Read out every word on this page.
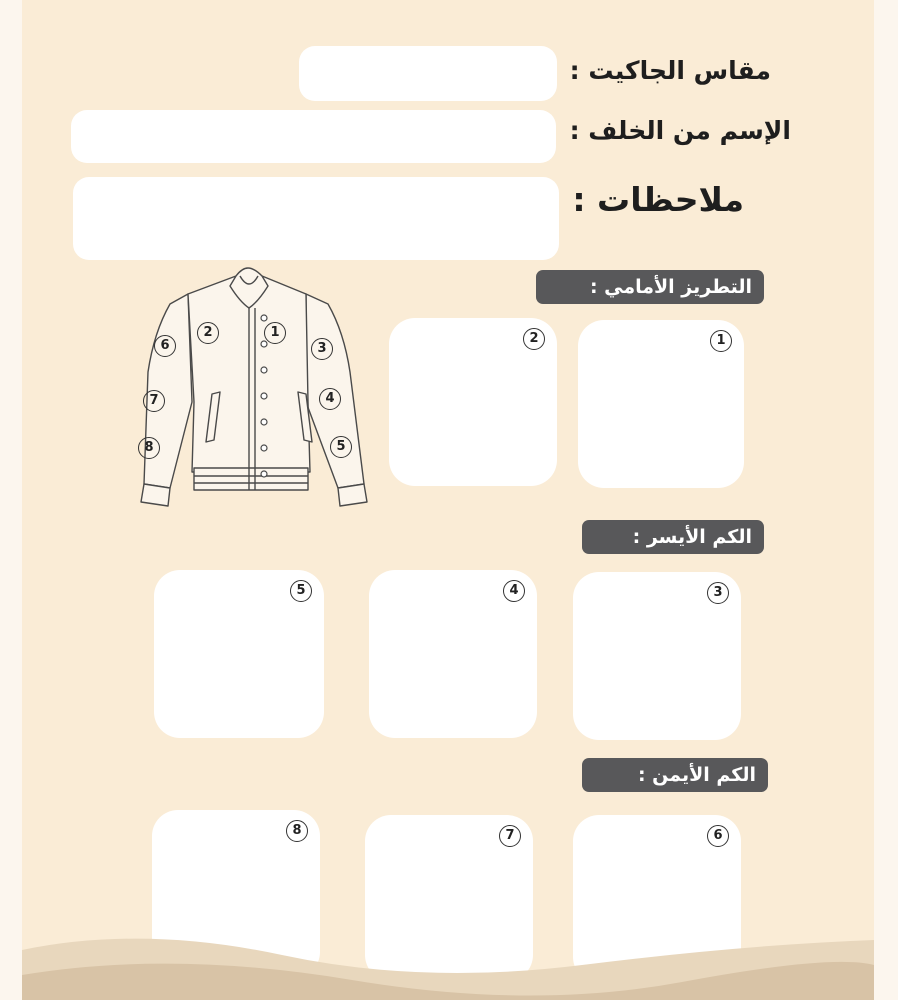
مقاس الجاكيت :
الإسم من الخلف :
ملاحظات :
1
2
3
4
5
6
7
8
التطريز الأمامي :
1
2
الكم الأيسر :
3
4
5
الكم الأيمن :
6
7
8
